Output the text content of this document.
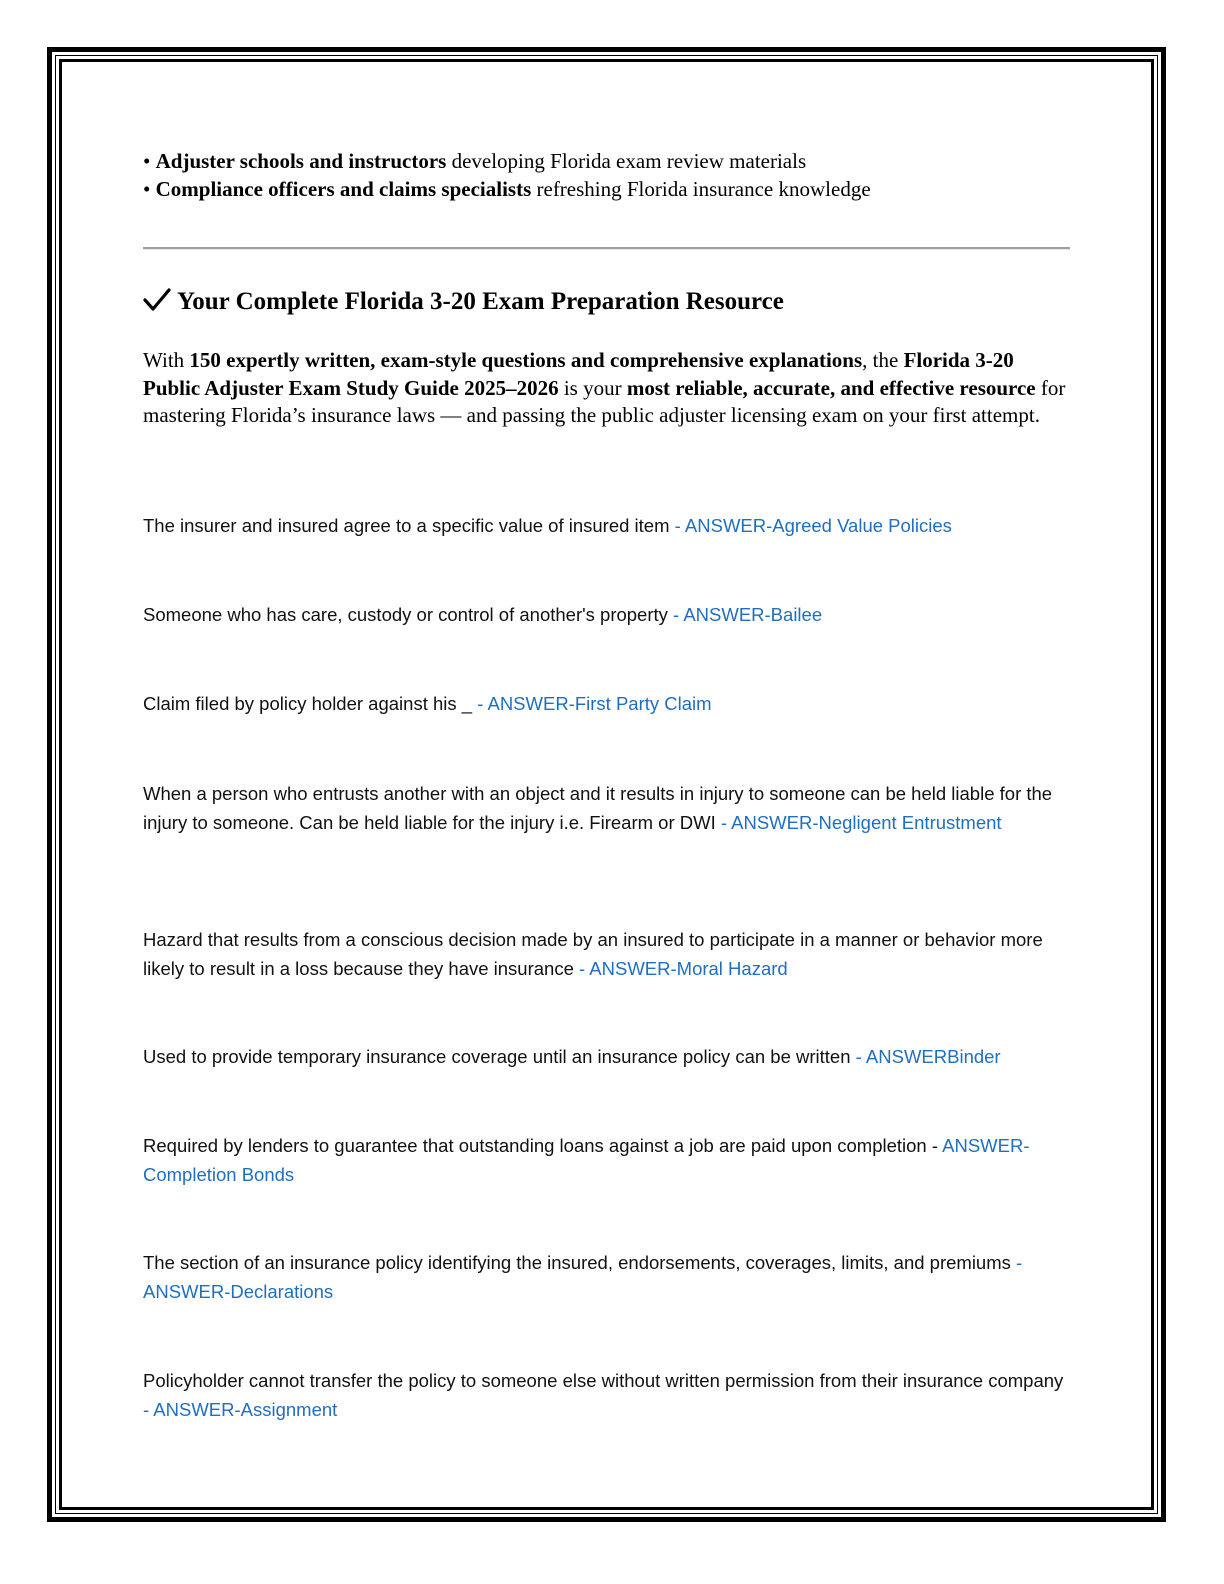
• Adjuster schools and instructors developing Florida exam review materials
• Compliance officers and claims specialists refreshing Florida insurance knowledge
Your Complete Florida 3-20 Exam Preparation Resource
With 150 expertly written, exam-style questions and comprehensive explanations, the Florida 3-20 Public Adjuster Exam Study Guide 2025–2026 is your most reliable, accurate, and effective resource for mastering Florida’s insurance laws — and passing the public adjuster licensing exam on your first attempt.
The insurer and insured agree to a specific value of insured item - ANSWER-Agreed Value Policies
Someone who has care, custody or control of another's property - ANSWER-Bailee
Claim filed by policy holder against his _ - ANSWER-First Party Claim
When a person who entrusts another with an object and it results in injury to someone can be held liable for the injury to someone. Can be held liable for the injury i.e. Firearm or DWI - ANSWER-Negligent Entrustment
Hazard that results from a conscious decision made by an insured to participate in a manner or behavior more likely to result in a loss because they have insurance - ANSWER-Moral Hazard
Used to provide temporary insurance coverage until an insurance policy can be written - ANSWERBinder
Required by lenders to guarantee that outstanding loans against a job are paid upon completion - ANSWER-Completion Bonds
The section of an insurance policy identifying the insured, endorsements, coverages, limits, and premiums - ANSWER-Declarations
Policyholder cannot transfer the policy to someone else without written permission from their insurance company - ANSWER-Assignment
